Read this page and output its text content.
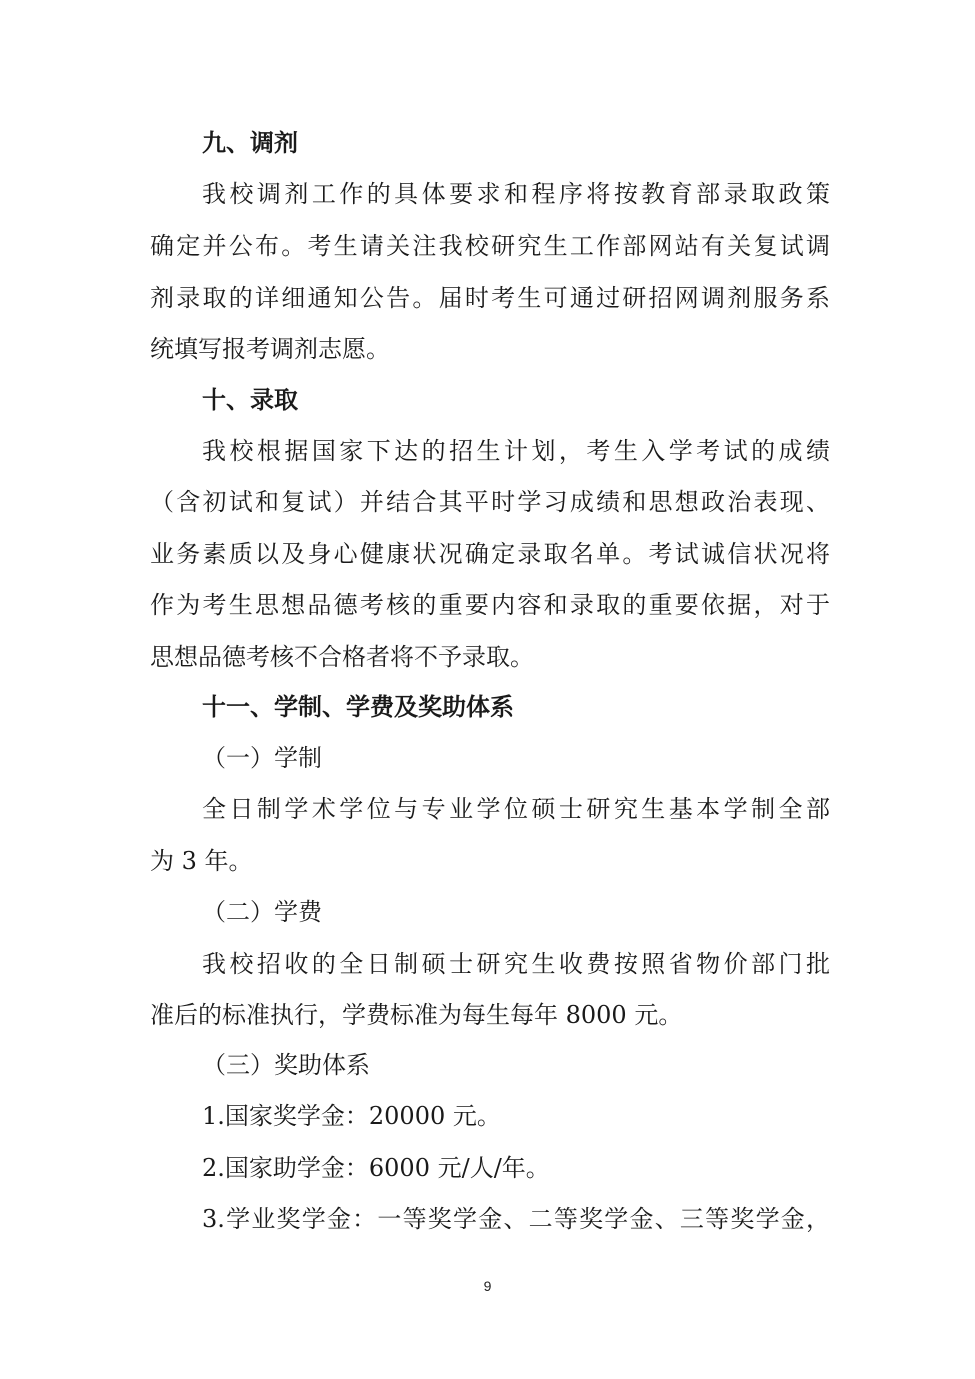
九、调剂
我校调剂工作的具体要求和程序将按教育部录取政策
确定并公布。考生请关注我校研究生工作部网站有关复试调
剂录取的详细通知公告。届时考生可通过研招网调剂服务系
统填写报考调剂志愿。
十、录取
我校根据国家下达的招生计划，考生入学考试的成绩
（含初试和复试）并结合其平时学习成绩和思想政治表现、
业务素质以及身心健康状况确定录取名单。考试诚信状况将
作为考生思想品德考核的重要内容和录取的重要依据，对于
思想品德考核不合格者将不予录取。
十一、学制、学费及奖助体系
（一）学制
全日制学术学位与专业学位硕士研究生基本学制全部
为 3 年。
（二）学费
我校招收的全日制硕士研究生收费按照省物价部门批
准后的标准执行，学费标准为每生每年 8000 元。
（三）奖助体系
1.国家奖学金：20000 元。
2.国家助学金：6000 元/人/年。
3.学业奖学金：一等奖学金、二等奖学金、三等奖学金，
9
